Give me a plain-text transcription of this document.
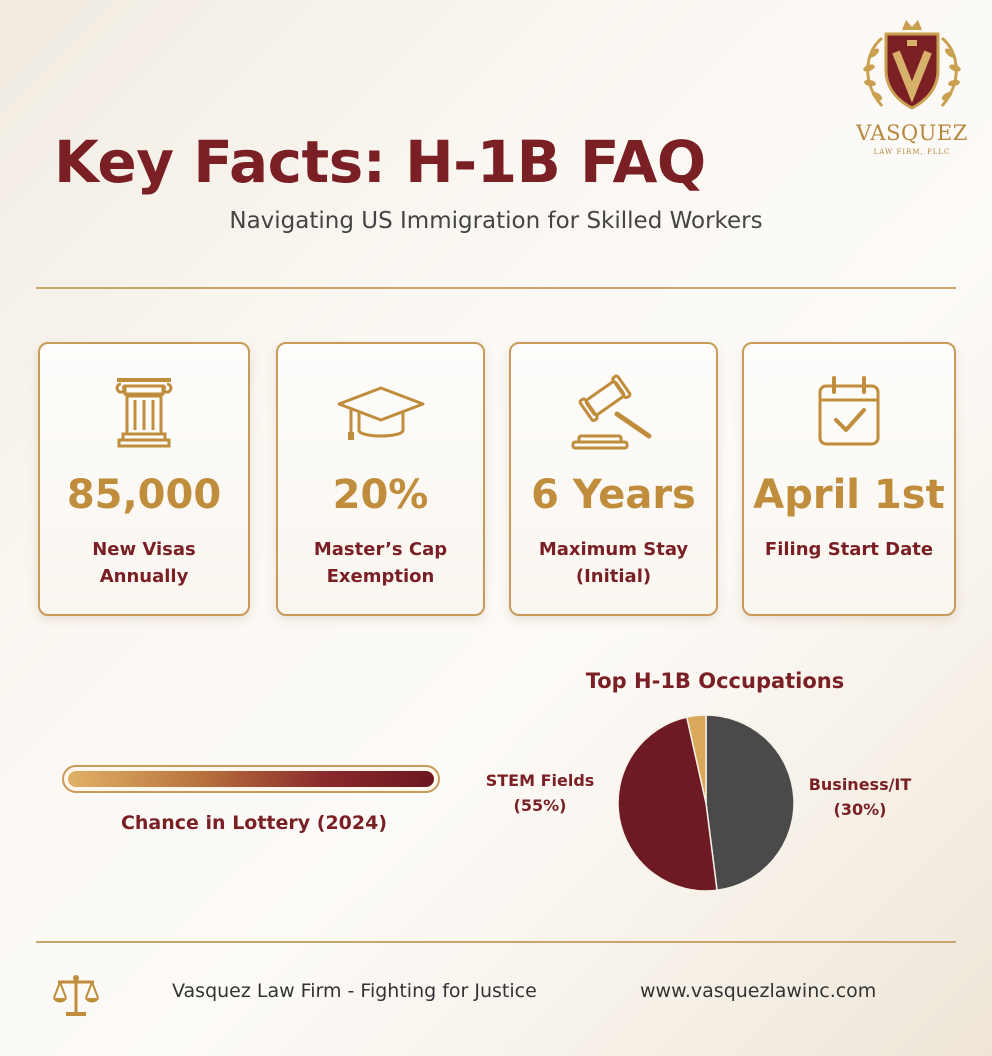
VASQUEZ
LAW FIRM, PLLC
Key Facts: H-1B FAQ
Navigating US Immigration for Skilled Workers
85,000
New Visas
Annually
20%
Master’s Cap
Exemption
6 Years
Maximum Stay
(Initial)
April 1st
Filing Start Date
Chance in Lottery (2024)
Top H-1B Occupations
STEM Fields
(55%)
Business/IT
(30%)
Vasquez Law Firm - Fighting for Justice	www.vasquezlawinc.com
